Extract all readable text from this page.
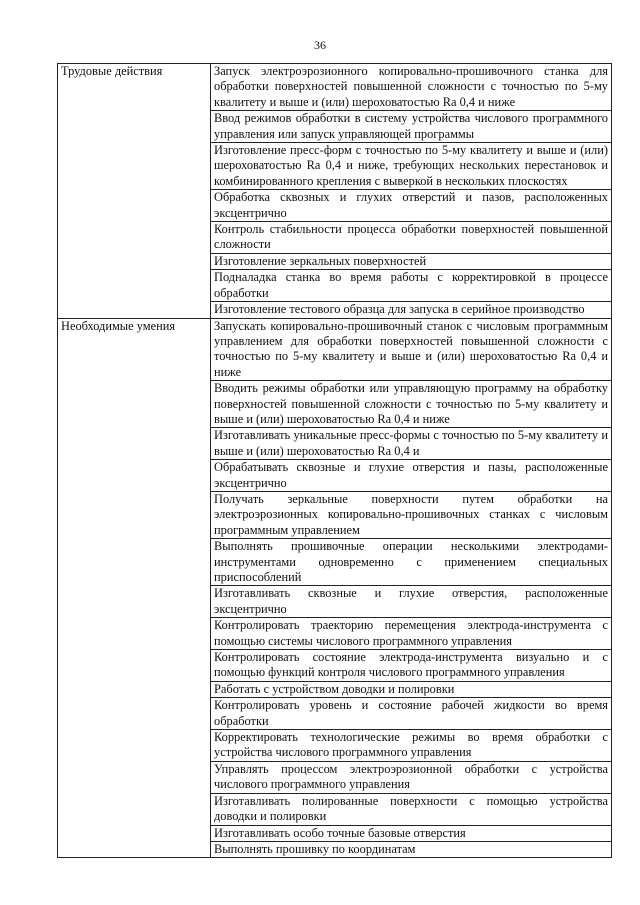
36
Трудовые действия	Запуск электроэрозионного копировально-прошивочного станка для обработки поверхностей повышенной сложности с точностью по 5-му квалитету и выше и (или) шероховатостью Ra 0,4 и ниже
	Ввод режимов обработки в систему устройства числового программного управления или запуск управляющей программы
	Изготовление пресс-форм с точностью по 5-му квалитету и выше и (или) шероховатостью Ra 0,4 и ниже, требующих нескольких перестановок и комбинированного крепления с выверкой в нескольких плоскостях
	Обработка сквозных и глухих отверстий и пазов, расположенных эксцентрично
	Контроль стабильности процесса обработки поверхностей повышенной сложности
	Изготовление зеркальных поверхностей
	Подналадка станка во время работы с корректировкой в процессе обработки
	Изготовление тестового образца для запуска в серийное производство
Необходимые умения	Запускать копировально-прошивочный станок с числовым программным управлением для обработки поверхностей повышенной сложности с точностью по 5-му квалитету и выше и (или) шероховатостью Ra 0,4 и ниже
	Вводить режимы обработки или управляющую программу на обработку поверхностей повышенной сложности с точностью по 5-му квалитету и выше и (или) шероховатостью Ra 0,4 и ниже
	Изготавливать уникальные пресс-формы с точностью по 5-му квалитету и выше и (или) шероховатостью Ra 0,4 и
	Обрабатывать сквозные и глухие отверстия и пазы, расположенные эксцентрично
	Получать зеркальные поверхности путем обработки на электроэрозионных копировально-прошивочных станках с числовым программным управлением
	Выполнять прошивочные операции несколькими электродами-инструментами одновременно с применением специальных приспособлений
	Изготавливать сквозные и глухие отверстия, расположенные эксцентрично
	Контролировать траекторию перемещения электрода-инструмента с помощью системы числового программного управления
	Контролировать состояние электрода-инструмента визуально и с помощью функций контроля числового программного управления
	Работать с устройством доводки и полировки
	Контролировать уровень и состояние рабочей жидкости во время обработки
	Корректировать технологические режимы во время обработки с устройства числового программного управления
	Управлять процессом электроэрозионной обработки с устройства числового программного управления
	Изготавливать полированные поверхности с помощью устройства доводки и полировки
	Изготавливать особо точные базовые отверстия
	Выполнять прошивку по координатам
